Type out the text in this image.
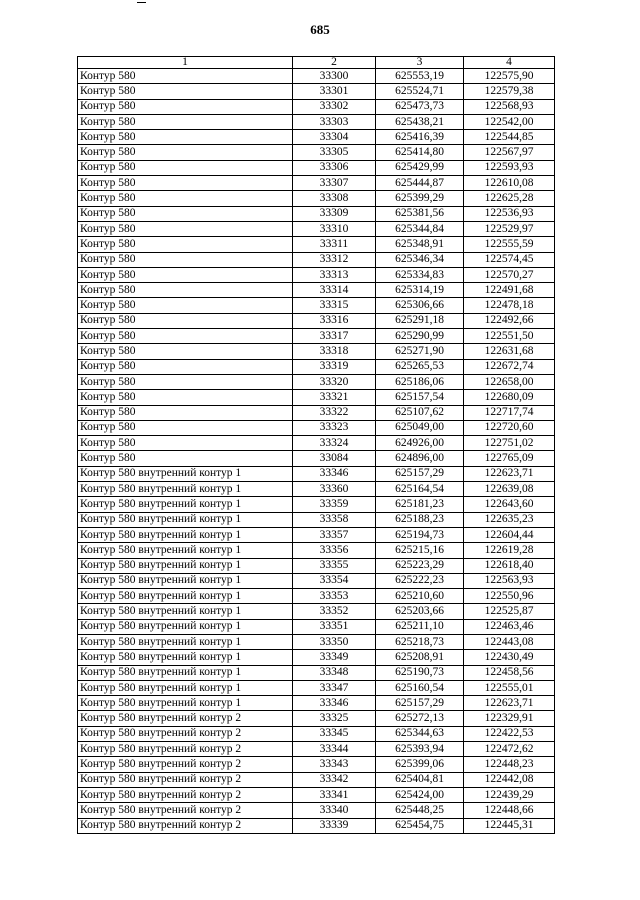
685
1	2	3	4
Контур 580	33300	625553,19	122575,90
Контур 580	33301	625524,71	122579,38
Контур 580	33302	625473,73	122568,93
Контур 580	33303	625438,21	122542,00
Контур 580	33304	625416,39	122544,85
Контур 580	33305	625414,80	122567,97
Контур 580	33306	625429,99	122593,93
Контур 580	33307	625444,87	122610,08
Контур 580	33308	625399,29	122625,28
Контур 580	33309	625381,56	122536,93
Контур 580	33310	625344,84	122529,97
Контур 580	33311	625348,91	122555,59
Контур 580	33312	625346,34	122574,45
Контур 580	33313	625334,83	122570,27
Контур 580	33314	625314,19	122491,68
Контур 580	33315	625306,66	122478,18
Контур 580	33316	625291,18	122492,66
Контур 580	33317	625290,99	122551,50
Контур 580	33318	625271,90	122631,68
Контур 580	33319	625265,53	122672,74
Контур 580	33320	625186,06	122658,00
Контур 580	33321	625157,54	122680,09
Контур 580	33322	625107,62	122717,74
Контур 580	33323	625049,00	122720,60
Контур 580	33324	624926,00	122751,02
Контур 580	33084	624896,00	122765,09
Контур 580 внутренний контур 1	33346	625157,29	122623,71
Контур 580 внутренний контур 1	33360	625164,54	122639,08
Контур 580 внутренний контур 1	33359	625181,23	122643,60
Контур 580 внутренний контур 1	33358	625188,23	122635,23
Контур 580 внутренний контур 1	33357	625194,73	122604,44
Контур 580 внутренний контур 1	33356	625215,16	122619,28
Контур 580 внутренний контур 1	33355	625223,29	122618,40
Контур 580 внутренний контур 1	33354	625222,23	122563,93
Контур 580 внутренний контур 1	33353	625210,60	122550,96
Контур 580 внутренний контур 1	33352	625203,66	122525,87
Контур 580 внутренний контур 1	33351	625211,10	122463,46
Контур 580 внутренний контур 1	33350	625218,73	122443,08
Контур 580 внутренний контур 1	33349	625208,91	122430,49
Контур 580 внутренний контур 1	33348	625190,73	122458,56
Контур 580 внутренний контур 1	33347	625160,54	122555,01
Контур 580 внутренний контур 1	33346	625157,29	122623,71
Контур 580 внутренний контур 2	33325	625272,13	122329,91
Контур 580 внутренний контур 2	33345	625344,63	122422,53
Контур 580 внутренний контур 2	33344	625393,94	122472,62
Контур 580 внутренний контур 2	33343	625399,06	122448,23
Контур 580 внутренний контур 2	33342	625404,81	122442,08
Контур 580 внутренний контур 2	33341	625424,00	122439,29
Контур 580 внутренний контур 2	33340	625448,25	122448,66
Контур 580 внутренний контур 2	33339	625454,75	122445,31
